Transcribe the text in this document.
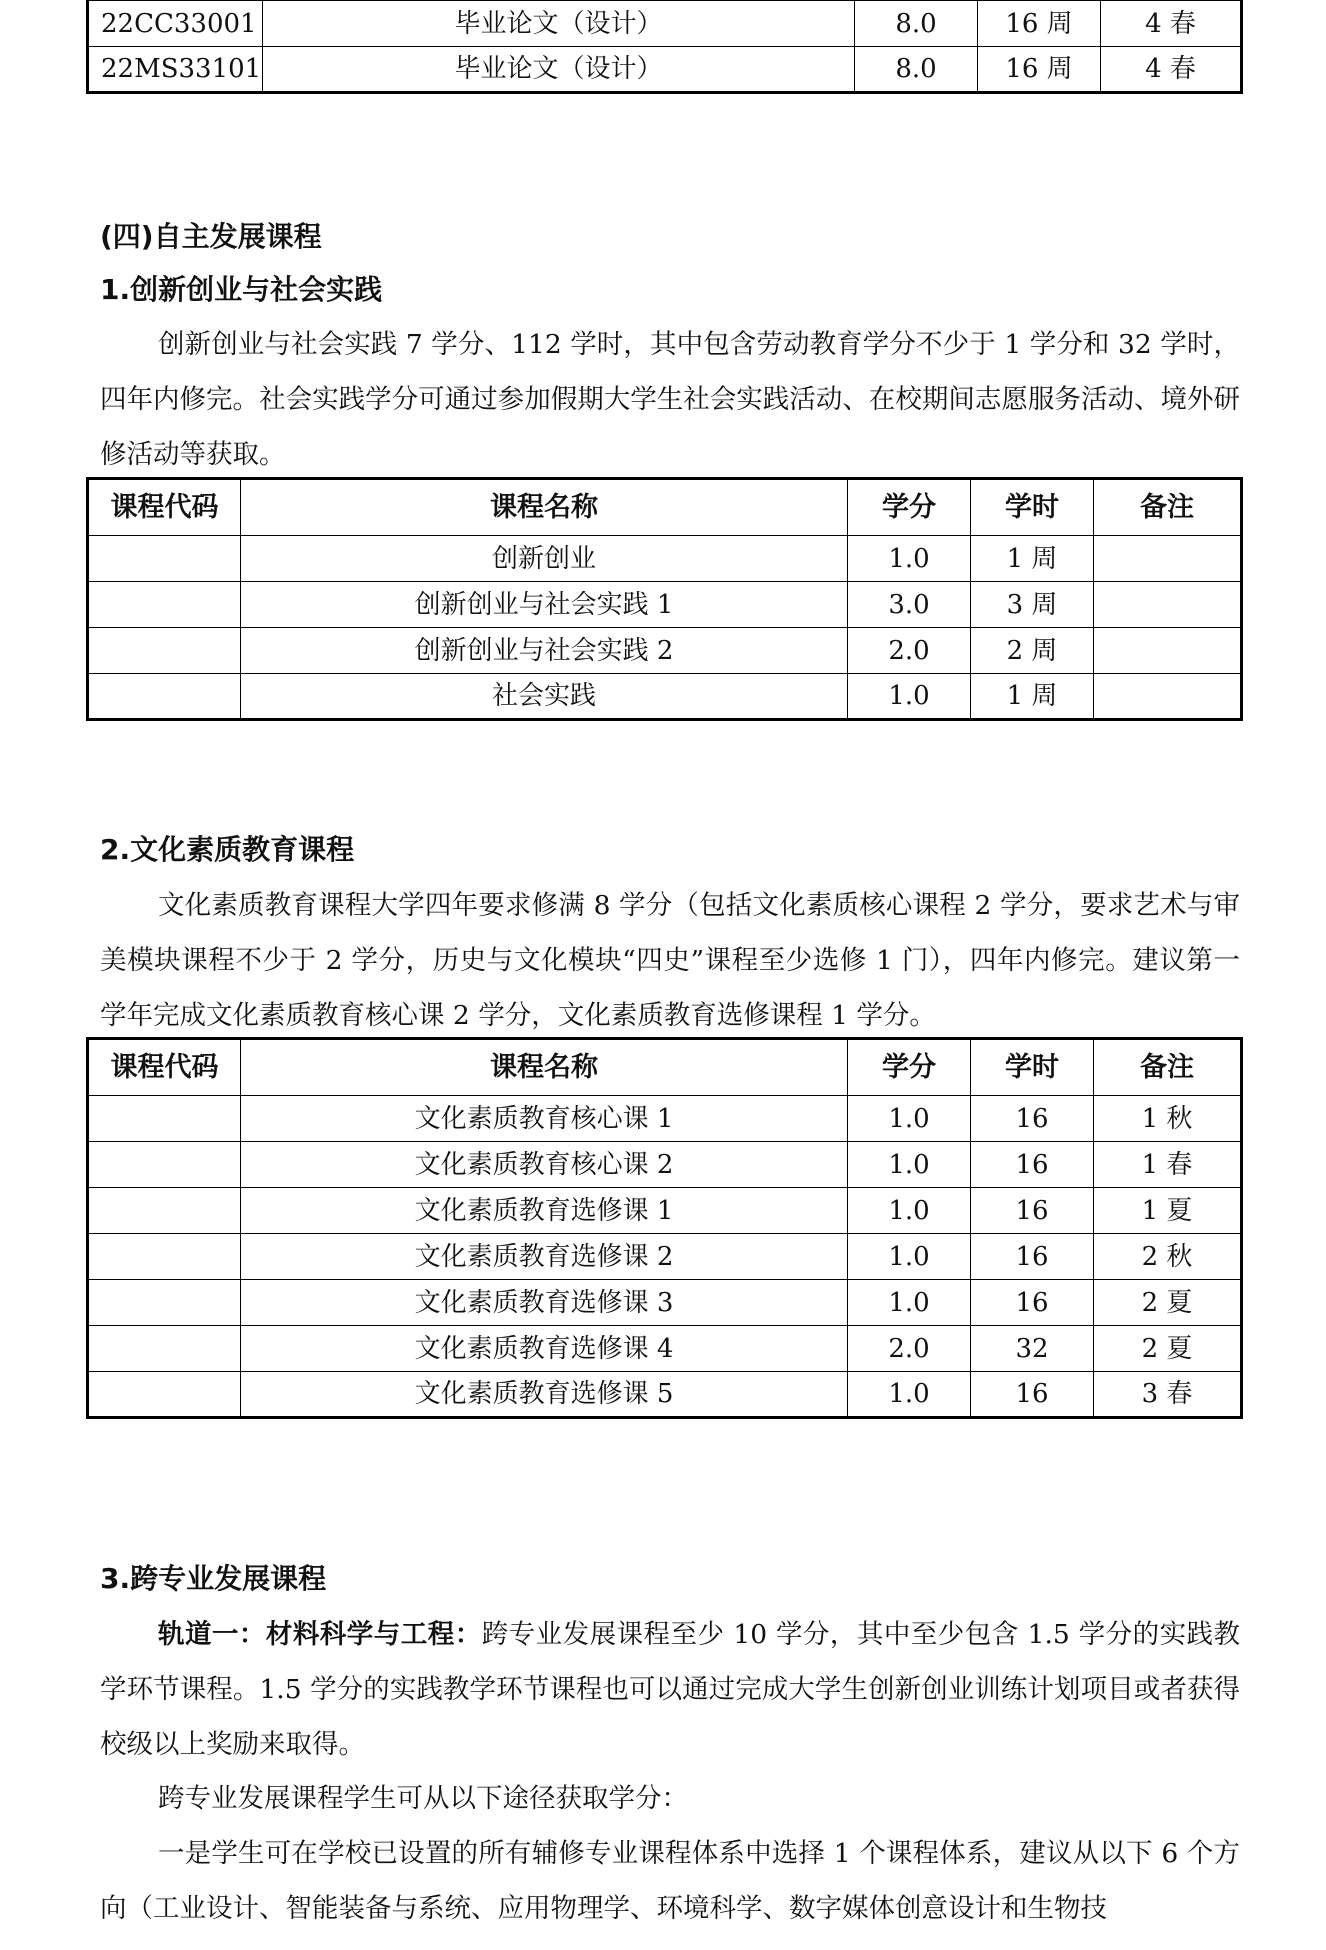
22CC33001	毕业论文（设计）	8.0	16 周	4 春
22MS33101	毕业论文（设计）	8.0	16 周	4 春
(四)自主发展课程
1.创新创业与社会实践
创新创业与社会实践 7 学分、112 学时，其中包含劳动教育学分不少于 1 学分和 32 学时，四年内修完。社会实践学分可通过参加假期大学生社会实践活动、在校期间志愿服务活动、境外研修活动等获取。
课程代码	课程名称	学分	学时	备注
	创新创业	1.0	1 周	
	创新创业与社会实践 1	3.0	3 周	
	创新创业与社会实践 2	2.0	2 周	
	社会实践	1.0	1 周	
2.文化素质教育课程
文化素质教育课程大学四年要求修满 8 学分（包括文化素质核心课程 2 学分，要求艺术与审美模块课程不少于 2 学分，历史与文化模块“四史”课程至少选修 1 门），四年内修完。建议第一学年完成文化素质教育核心课 2 学分，文化素质教育选修课程 1 学分。
课程代码	课程名称	学分	学时	备注
	文化素质教育核心课 1	1.0	16	1 秋
	文化素质教育核心课 2	1.0	16	1 春
	文化素质教育选修课 1	1.0	16	1 夏
	文化素质教育选修课 2	1.0	16	2 秋
	文化素质教育选修课 3	1.0	16	2 夏
	文化素质教育选修课 4	2.0	32	2 夏
	文化素质教育选修课 5	1.0	16	3 春
3.跨专业发展课程
轨道一：材料科学与工程：跨专业发展课程至少 10 学分，其中至少包含 1.5 学分的实践教学环节课程。1.5 学分的实践教学环节课程也可以通过完成大学生创新创业训练计划项目或者获得校级以上奖励来取得。
跨专业发展课程学生可从以下途径获取学分：
一是学生可在学校已设置的所有辅修专业课程体系中选择 1 个课程体系，建议从以下 6 个方向（工业设计、智能装备与系统、应用物理学、环境科学、数字媒体创意设计和生物技
